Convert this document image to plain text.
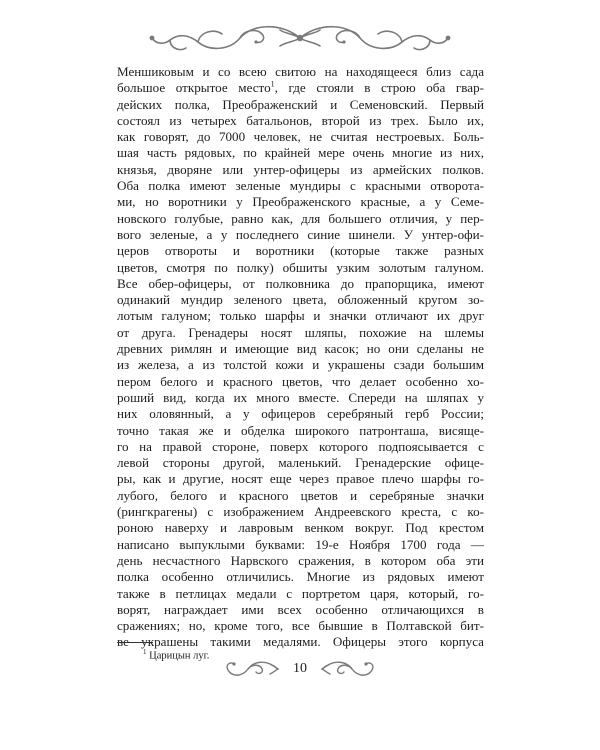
Меншиковым и со всею свитою на находящееся близ сада
большое открытое место$^1$, где стояли в строю оба гвар-
дейских полка, Преображенский и Семеновский. Первый
состоял из четырех батальонов, второй из трех. Было их,
как говорят, до 7000 человек, не считая нестроевых. Боль-
шая часть рядовых, по крайней мере очень многие из них,
князья, дворяне или унтер-офицеры из армейских полков.
Оба полка имеют зеленые мундиры с красными отворота-
ми, но воротники у Преображенского красные, а у Семе-
новского голубые, равно как, для большего отличия, у пер-
вого зеленые, а у последнего синие шинели. У унтер-офи-
церов отвороты и воротники (которые также разных
цветов, смотря по полку) обшиты узким золотым галуном.
Все обер-офицеры, от полковника до прапорщика, имеют
одинакий мундир зеленого цвета, обложенный кругом зо-
лотым галуном; только шарфы и значки отличают их друг
от друга. Гренадеры носят шляпы, похожие на шлемы
древних римлян и имеющие вид касок; но они сделаны не
из железа, а из толстой кожи и украшены сзади большим
пером белого и красного цветов, что делает особенно хо-
роший вид, когда их много вместе. Спереди на шляпах у
них оловянный, а у офицеров серебряный герб России;
точно такая же и обделка широкого патронташа, висяще-
го на правой стороне, поверх которого подпоясывается с
левой стороны другой, маленький. Гренадерские офице-
ры, как и другие, носят еще через правое плечо шарфы го-
лубого, белого и красного цветов и серебряные значки
(рингкрагены) с изображением Андреевского креста, с ко-
роною наверху и лавровым венком вокруг. Под крестом
написано выпуклыми буквами: 19-е Ноября 1700 года —
день несчастного Нарвского сражения, в котором оба эти
полка особенно отличились. Многие из рядовых имеют
также в петлицах медали с портретом царя, который, го-
ворят, награждает ими всех особенно отличающихся в
сражениях; но, кроме того, все бывшие в Полтавской бит-
ве украшены такими медалями. Офицеры этого корпуса
$^1$ Царицын луг.
10
